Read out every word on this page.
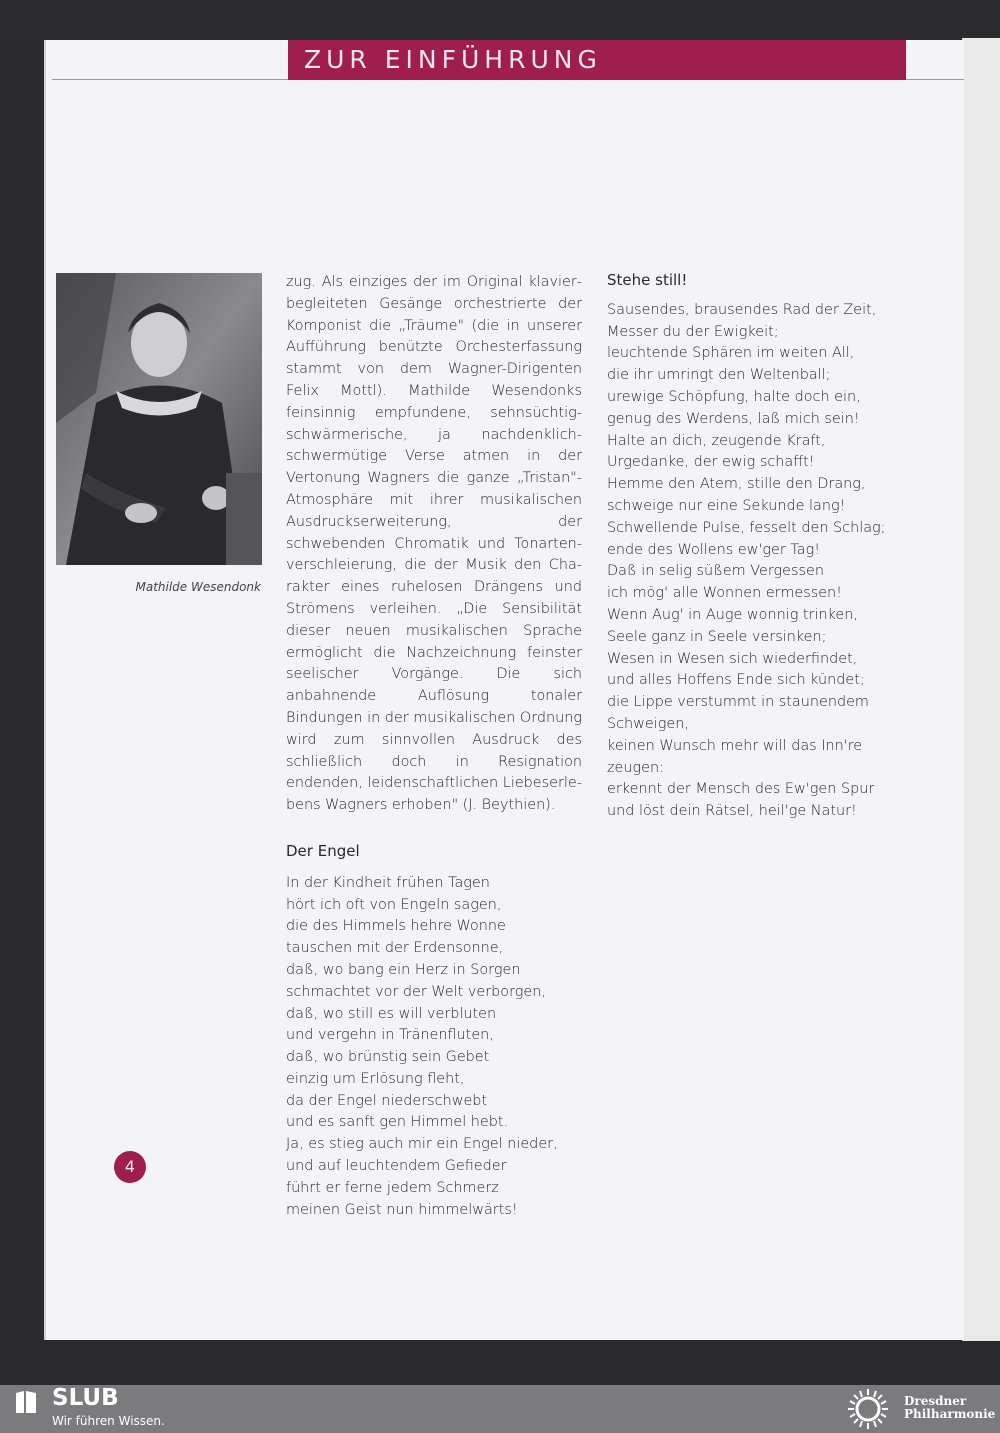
ZUR EINFÜHRUNG
Mathilde Wesendonk

zug. Als einziges der im Original klavierbegleiteten Gesänge orchestrierte der Komponist die „Träume" (die in unserer Aufführung benützte Orchesterfassung stammt von dem Wagner-Dirigenten Felix Mottl). Mathilde Wesendonks feinsinnig empfundene, sehnsüchtig-schwärmerische, ja nachdenklich-schwermütige Verse atmen in der Vertonung Wagners die ganze „Tristan"-Atmosphäre mit ihrer musikalischen Ausdruckserweiterung, der schwebenden Chromatik und Tonartenverschleierung, die der Musik den Charakter eines ruhelosen Drängens und Strömens verleihen. „Die Sensibilität dieser neuen musikalischen Sprache ermöglicht die Nachzeichnung feinster seelischer Vorgänge. Die sich anbahnende Auflösung tonaler Bindungen in der musikalischen Ordnung wird zum sinnvollen Ausdruck des schließlich doch in Resignation endenden, leidenschaftlichen Liebeserlebens Wagners erhoben" (J. Beythien).

Der Engel

In der Kindheit frühen Tagen
hört ich oft von Engeln sagen,
die des Himmels hehre Wonne
tauschen mit der Erdensonne,
daß, wo bang ein Herz in Sorgen
schmachtet vor der Welt verborgen,
daß, wo still es will verbluten
und vergehn in Tränenfluten,
daß, wo brünstig sein Gebet
einzig um Erlösung fleht,
da der Engel niederschwebt
und es sanft gen Himmel hebt.
Ja, es stieg auch mir ein Engel nieder,
und auf leuchtendem Gefieder
führt er ferne jedem Schmerz
meinen Geist nun himmelwärts!

Stehe still!

Sausendes, brausendes Rad der Zeit,
Messer du der Ewigkeit;
leuchtende Sphären im weiten All,
die ihr umringt den Weltenball;
urewige Schöpfung, halte doch ein,
genug des Werdens, laß mich sein!
Halte an dich, zeugende Kraft,
Urgedanke, der ewig schafft!
Hemme den Atem, stille den Drang,
schweige nur eine Sekunde lang!
Schwellende Pulse, fesselt den Schlag;
ende des Wollens ew'ger Tag!
Daß in selig süßem Vergessen
ich mög' alle Wonnen ermessen!
Wenn Aug' in Auge wonnig trinken,
Seele ganz in Seele versinken;
Wesen in Wesen sich wiederfindet,
und alles Hoffens Ende sich kündet;
die Lippe verstummt in staunendem
Schweigen,
keinen Wunsch mehr will das Inn're
zeugen:
erkennt der Mensch des Ew'gen Spur
und löst dein Rätsel, heil'ge Natur!

4
SLUB
Wir führen Wissen.
Dresdner
Philharmonie
